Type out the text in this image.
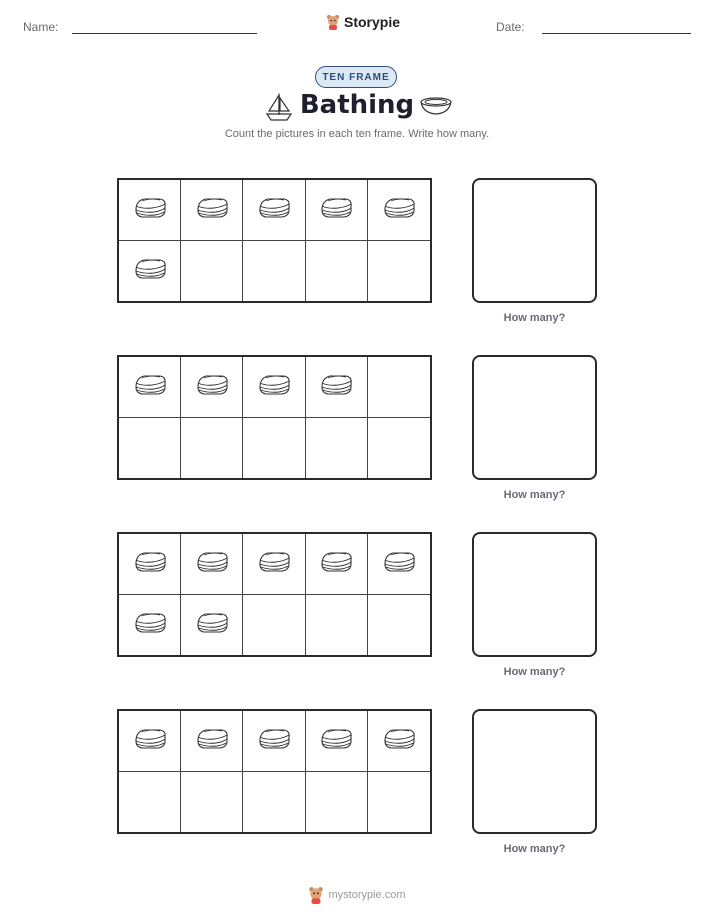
Name:	Storypie	Date:
TEN FRAME
Bathing
Count the pictures in each ten frame. Write how many.
How many?
How many?
How many?
How many?
mystorypie.com
